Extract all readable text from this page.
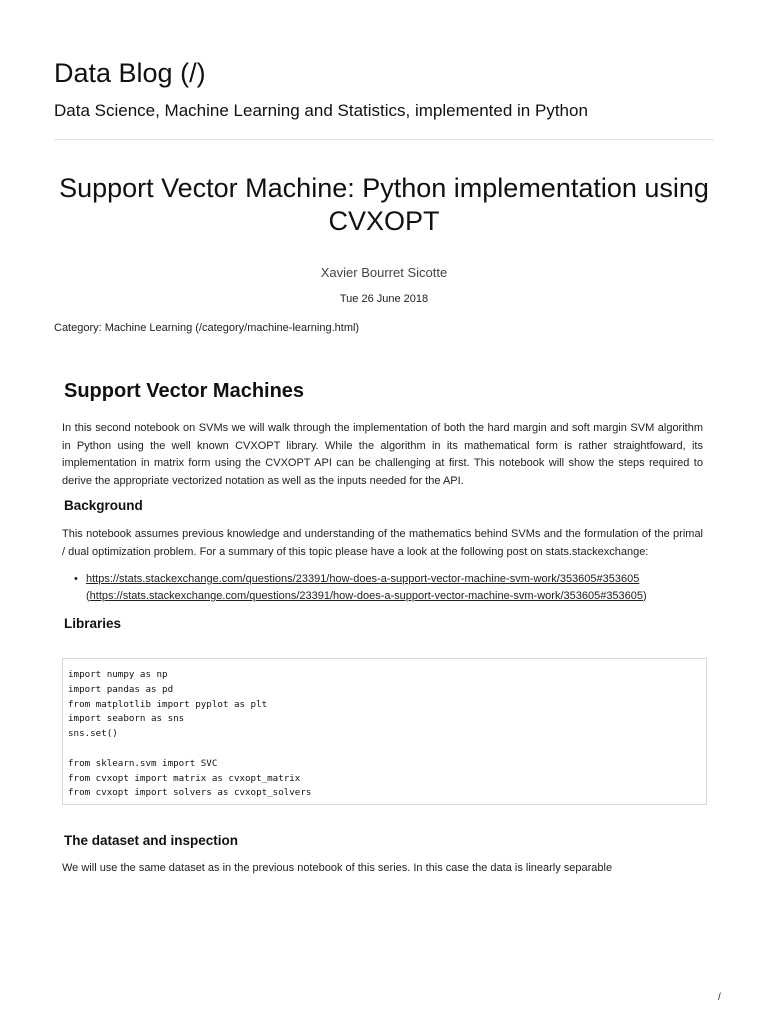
Data Blog (/)
Data Science, Machine Learning and Statistics, implemented in Python
Support Vector Machine: Python implementation using CVXOPT
Xavier Bourret Sicotte
Tue 26 June 2018
Category: Machine Learning (/category/machine-learning.html)
Support Vector Machines

In this second notebook on SVMs we will walk through the implementation of both the hard margin and soft margin SVM algorithm in Python using the well known CVXOPT library. While the algorithm in its mathematical form is rather straightfoward, its implementation in matrix form using the CVXOPT API can be challenging at first. This notebook will show the steps required to derive the appropriate vectorized notation as well as the inputs needed for the API.

Background

This notebook assumes previous knowledge and understanding of the mathematics behind SVMs and the formulation of the primal / dual optimization problem. For a summary of this topic please have a look at the following post on stats.stackexchange:

• https://stats.stackexchange.com/questions/23391/how-does-a-support-vector-machine-svm-work/353605#353605
(https://stats.stackexchange.com/questions/23391/how-does-a-support-vector-machine-svm-work/353605#353605)
Libraries
import numpy as np
import pandas as pd
from matplotlib import pyplot as plt
import seaborn as sns
sns.set()
from sklearn.svm import SVC
from cvxopt import matrix as cvxopt_matrix
from cvxopt import solvers as cvxopt_solvers
The dataset and inspection

We will use the same dataset as in the previous notebook of this series. In this case the data is linearly separable

/
